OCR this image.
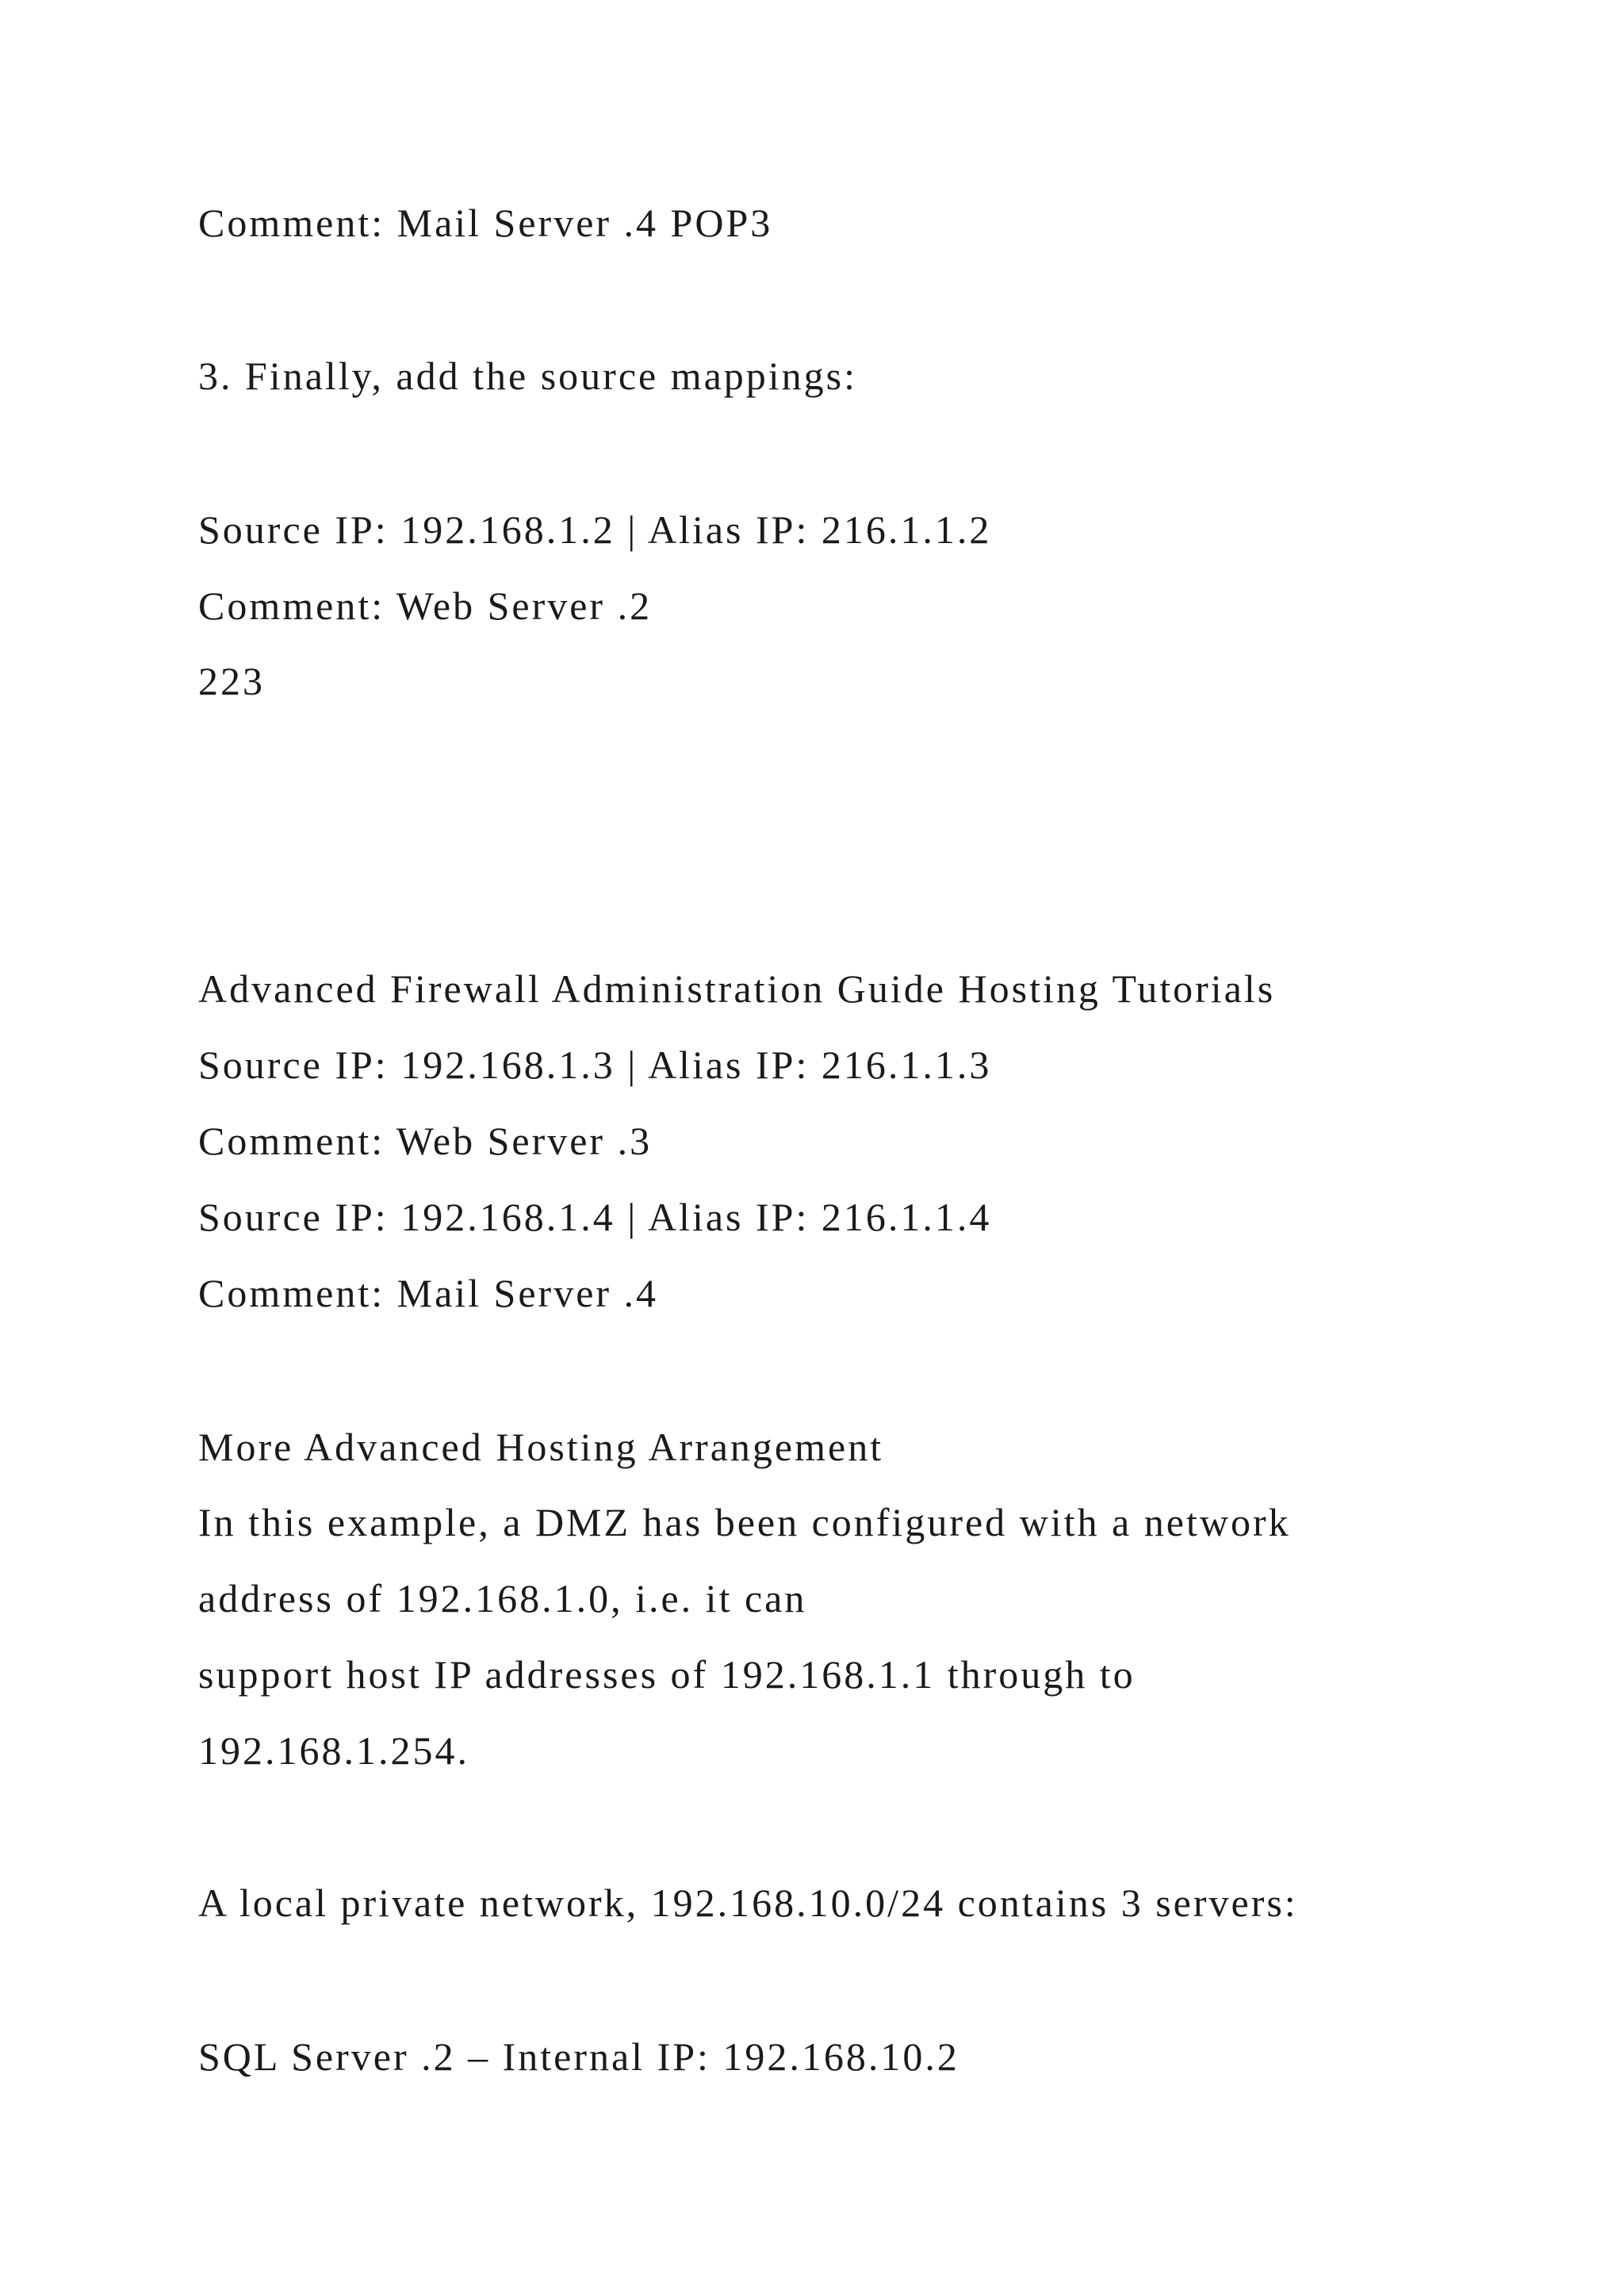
Comment: Mail Server .4 POP3
3. Finally, add the source mappings:
Source IP: 192.168.1.2 | Alias IP: 216.1.1.2
Comment: Web Server .2
223
Advanced Firewall Administration Guide Hosting Tutorials
Source IP: 192.168.1.3 | Alias IP: 216.1.1.3
Comment: Web Server .3
Source IP: 192.168.1.4 | Alias IP: 216.1.1.4
Comment: Mail Server .4
More Advanced Hosting Arrangement
In this example, a DMZ has been configured with a network
address of 192.168.1.0, i.e. it can
support host IP addresses of 192.168.1.1 through to
192.168.1.254.
A local private network, 192.168.10.0/24 contains 3 servers:
SQL Server .2 – Internal IP: 192.168.10.2
